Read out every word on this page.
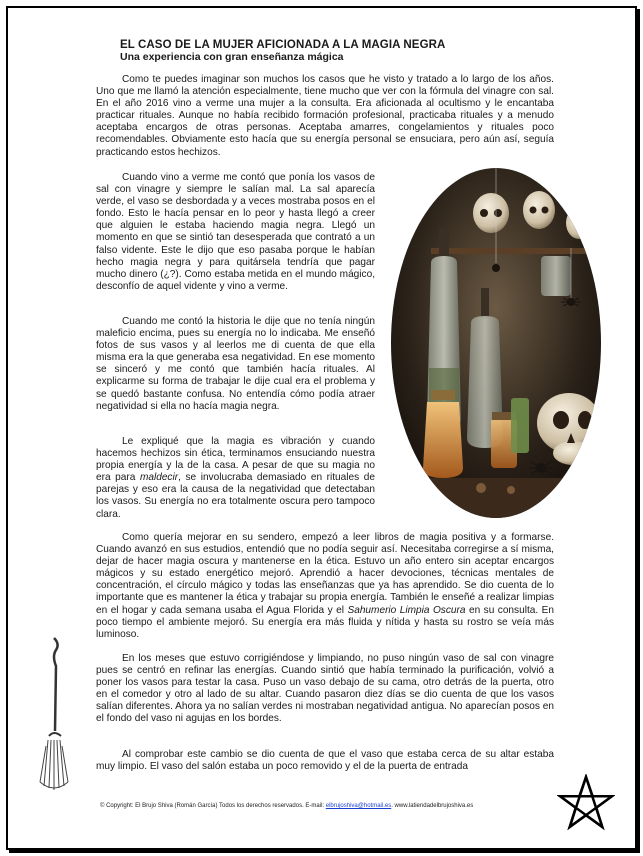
EL CASO DE LA MUJER AFICIONADA A LA MAGIA NEGRA
Una experiencia con gran enseñanza mágica

Como te puedes imaginar son muchos los casos que he visto y tratado a lo largo de los años. Uno que me llamó la atención especialmente, tiene mucho que ver con la fórmula del vinagre con sal. En el año 2016 vino a verme una mujer a la consulta. Era aficionada al ocultismo y le encantaba practicar rituales. Aunque no había recibido formación profesional, practicaba rituales y a menudo aceptaba encargos de otras personas. Aceptaba amarres, congelamientos y rituales poco recomendables. Obviamente esto hacía que su energía personal se ensuciara, pero aún así, seguía practicando estos hechizos.

Cuando vino a verme me contó que ponía los vasos de sal con vinagre y siempre le salían mal. La sal aparecía verde, el vaso se desbordada y a veces mostraba posos en el fondo. Esto le hacía pensar en lo peor y hasta llegó a creer que alguien le estaba haciendo magia negra. Llegó un momento en que se sintió tan desesperada que contrató a un falso vidente. Este le dijo que eso pasaba porque le habían hecho magia negra y para quitársela tendría que pagar mucho dinero (¿?). Como estaba metida en el mundo mágico, desconfío de aquel vidente y vino a verme.

Cuando me contó la historia le dije que no tenía ningún maleficio encima, pues su energía no lo indicaba. Me enseñó fotos de sus vasos y al leerlos me di cuenta de que ella misma era la que generaba esa negatividad. En ese momento se sinceró y me contó que también hacía rituales. Al explicarme su forma de trabajar le dije cual era el problema y se quedó bastante confusa. No entendía cómo podía atraer negatividad si ella no hacía magia negra.

Le expliqué que la magia es vibración y cuando hacemos hechizos sin ética, terminamos ensuciando nuestra propia energía y la de la casa. A pesar de que su magia no era para maldecir, se involucraba demasiado en rituales de parejas y eso era la causa de la negatividad que detectaban los vasos. Su energía no era totalmente oscura pero tampoco clara.

Como quería mejorar en su sendero, empezó a leer libros de magia positiva y a formarse. Cuando avanzó en sus estudios, entendió que no podía seguir así. Necesitaba corregirse a sí misma, dejar de hacer magia oscura y mantenerse en la ética. Estuvo un año entero sin aceptar encargos mágicos y su estado energético mejoró. Aprendió a hacer devociones, técnicas mentales de concentración, el círculo mágico y todas las enseñanzas que ya has aprendido. Se dio cuenta de lo importante que es mantener la ética y trabajar su propia energía. También le enseñé a realizar limpias en el hogar y cada semana usaba el Agua Florida y el Sahumerio Limpia Oscura en su consulta. En poco tiempo el ambiente mejoró. Su energía era más fluida y nítida y hasta su rostro se veía más luminoso.

En los meses que estuvo corrigiéndose y limpiando, no puso ningún vaso de sal con vinagre pues se centró en refinar las energías. Cuando sintió que había terminado la purificación, volvió a poner los vasos para testar la casa. Puso un vaso debajo de su cama, otro detrás de la puerta, otro en el comedor y otro al lado de su altar. Cuando pasaron diez días se dio cuenta de que los vasos salían diferentes. Ahora ya no salían verdes ni mostraban negatividad antigua. No aparecían posos en el fondo del vaso ni agujas en los bordes.

Al comprobar este cambio se dio cuenta de que el vaso que estaba cerca de su altar estaba muy limpio. El vaso del salón estaba un poco removido y el de la puerta de entrada

© Copyright: El Brujo Shiva (Román García) Todos los derechos reservados. E-mail: elbrujoshiva@hotmail.es. www.latiendadelbrujoshiva.es
